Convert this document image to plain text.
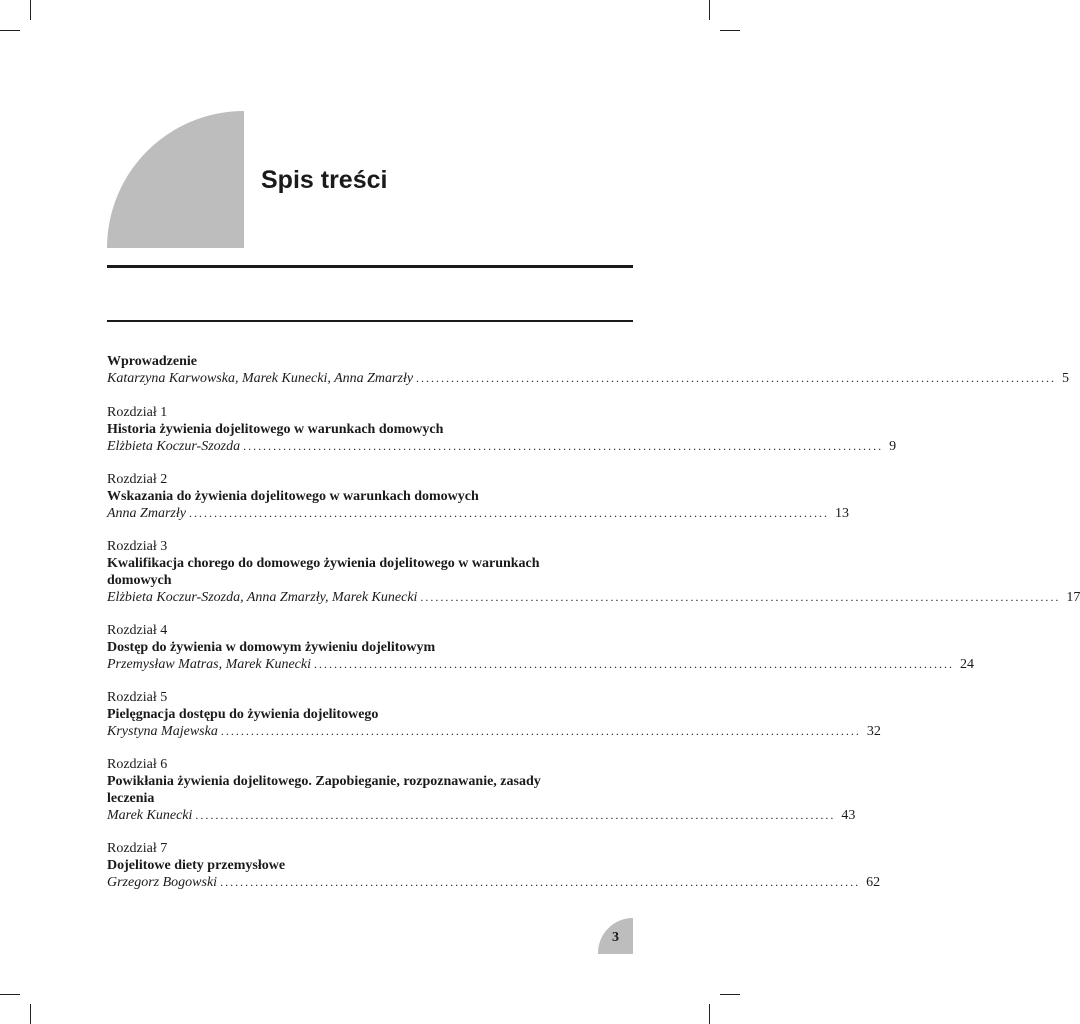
Spis treści
Wprowadzenie
Katarzyna Karwowska, Marek Kunecki, Anna Zmarzły ................................................................................................................................ 5
Rozdział 1
Historia żywienia dojelitowego w warunkach domowych
Elżbieta Koczur-Szozda ................................................................................................................................ 9
Rozdział 2
Wskazania do żywienia dojelitowego w warunkach domowych
Anna Zmarzły ................................................................................................................................ 13
Rozdział 3
Kwalifikacja chorego do domowego żywienia dojelitowego w warunkach domowych
Elżbieta Koczur-Szozda, Anna Zmarzły, Marek Kunecki ................................................................................................................................ 17
Rozdział 4
Dostęp do żywienia w domowym żywieniu dojelitowym
Przemysław Matras, Marek Kunecki ................................................................................................................................ 24
Rozdział 5
Pielęgnacja dostępu do żywienia dojelitowego
Krystyna Majewska ................................................................................................................................ 32
Rozdział 6
Powikłania żywienia dojelitowego. Zapobieganie, rozpoznawanie, zasady leczenia
Marek Kunecki ................................................................................................................................ 43
Rozdział 7
Dojelitowe diety przemysłowe
Grzegorz Bogowski ................................................................................................................................ 62
3
